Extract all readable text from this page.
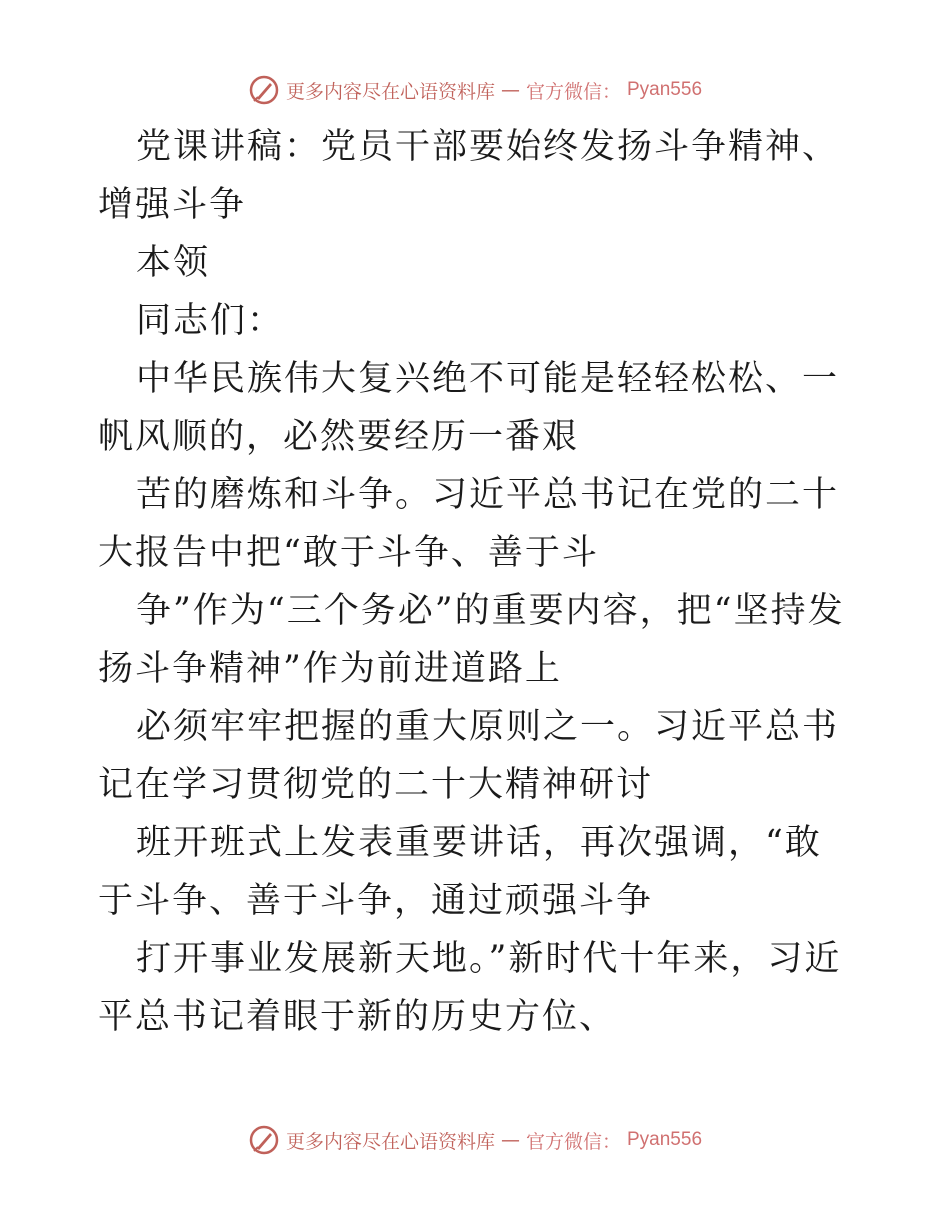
更多内容尽在心语资料库 — 官方微信： Pyan556

党课讲稿：党员干部要始终发扬斗争精神、增强斗争

本领

同志们：

中华民族伟大复兴绝不可能是轻轻松松、一帆风顺的，必然要经历一番艰

苦的磨炼和斗争。习近平总书记在党的二十大报告中把“敢于斗争、善于斗

争”作为“三个务必”的重要内容，把“坚持发扬斗争精神”作为前进道路上

必须牢牢把握的重大原则之一。习近平总书记在学习贯彻党的二十大精神研讨

班开班式上发表重要讲话，再次强调，“敢于斗争、善于斗争，通过顽强斗争

打开事业发展新天地。”新时代十年来，习近平总书记着眼于新的历史方位、

更多内容尽在心语资料库 — 官方微信： Pyan556
